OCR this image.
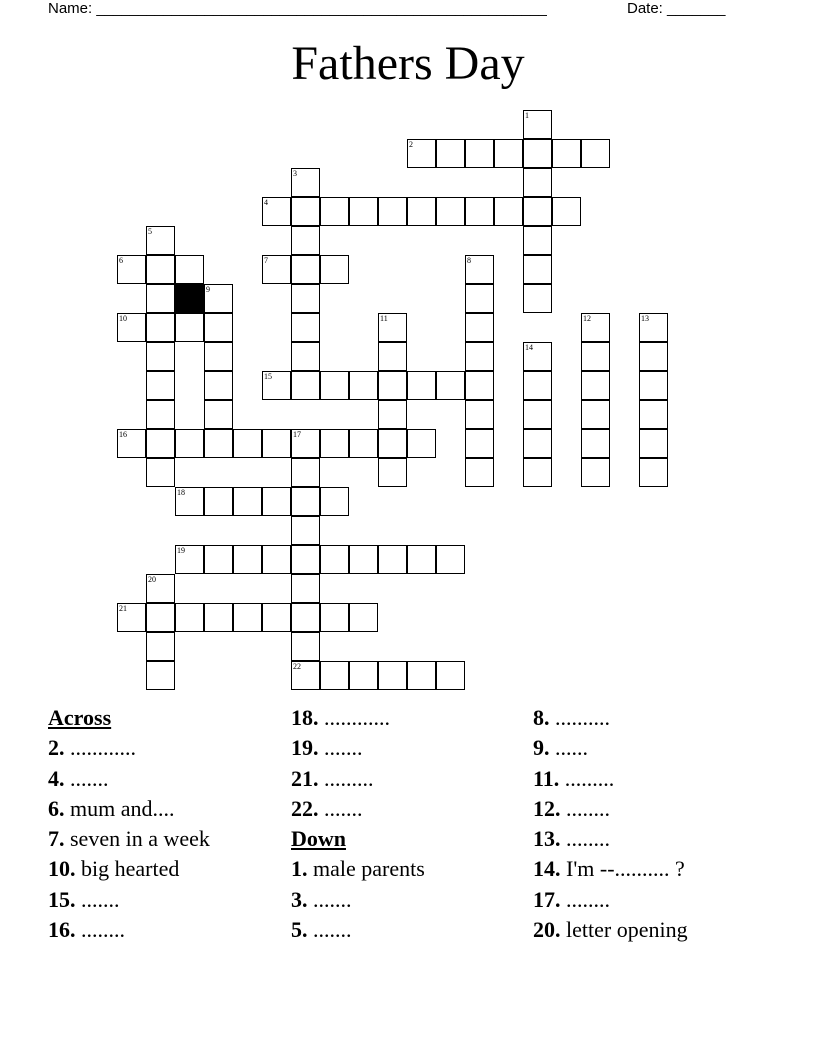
Name: ______________________________________________________	Date: _______
Fathers Day
2
4
6	7
10
15
16	17
18
19
21
22
1
3
5
8
9
11	12	13
14
20
Across
2. ............
4. .......
6. mum and....
7. seven in a week
10. big hearted
15. .......
16. ........
18. ............
19. .......
21. .........
22. .......
Down
1. male parents
3. .......
5. .......
8. ..........
9. ......
11. .........
12. ........
13. ........
14. I'm --.......... ?
17. ........
20. letter opening
